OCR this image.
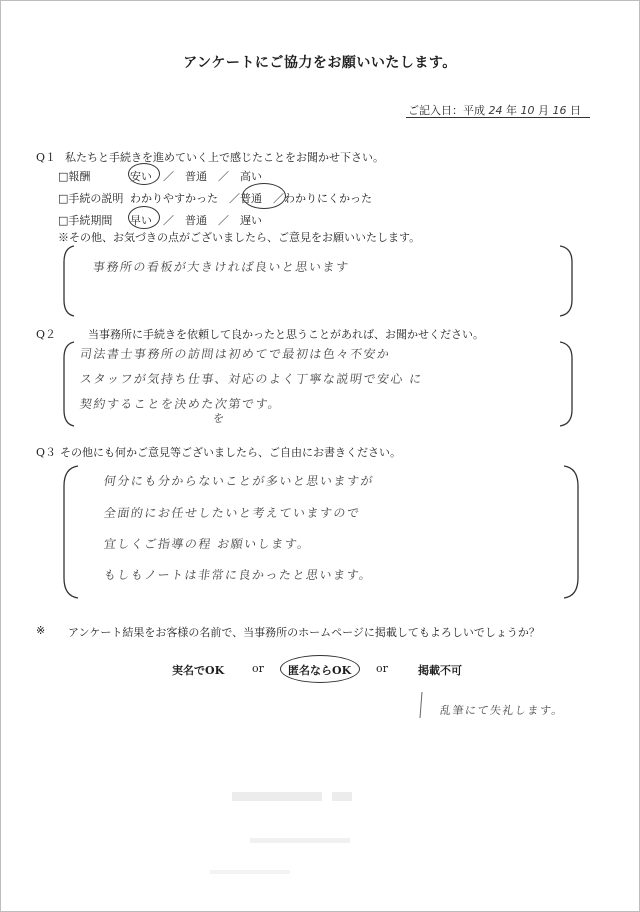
アンケートにご協力をお願いいたします。
ご記入日：平成 24 年 10 月 16 日
Q１ 私たちと手続きを進めていく上で感じたことをお聞かせ下さい。
□報酬	安い　／　普通　／　高い
□手続の説明 わかりやすかった　／普通　／わかりにくかった
□手続期間 早い　／　普通　／　遅い
※その他、お気づきの点がございましたら、ご意見をお願いいたします。
事務所の看板が大きければ良いと思います
Q２	当事務所に手続きを依頼して良かったと思うことがあれば、お聞かせください。
司法書士事務所の訪問は初めてで最初は色々不安か
スタッフが気持ち仕事、対応のよく丁寧な説明で安心 に
契約することを決めた次第です。
を
Q３ その他にも何かご意見等ございましたら、ご自由にお書きください。
何分にも分からないことが多いと思いますが
全面的にお任せしたいと考えていますので
宜しくご指導の程 お願いします。
もしもノートは非常に良かったと思います。
※ アンケート結果をお客様の名前で、当事務所のホームページに掲載してもよろしいでしょうか？
実名でOK	or 匿名ならOK or	掲載不可
乱筆にて失礼します。
